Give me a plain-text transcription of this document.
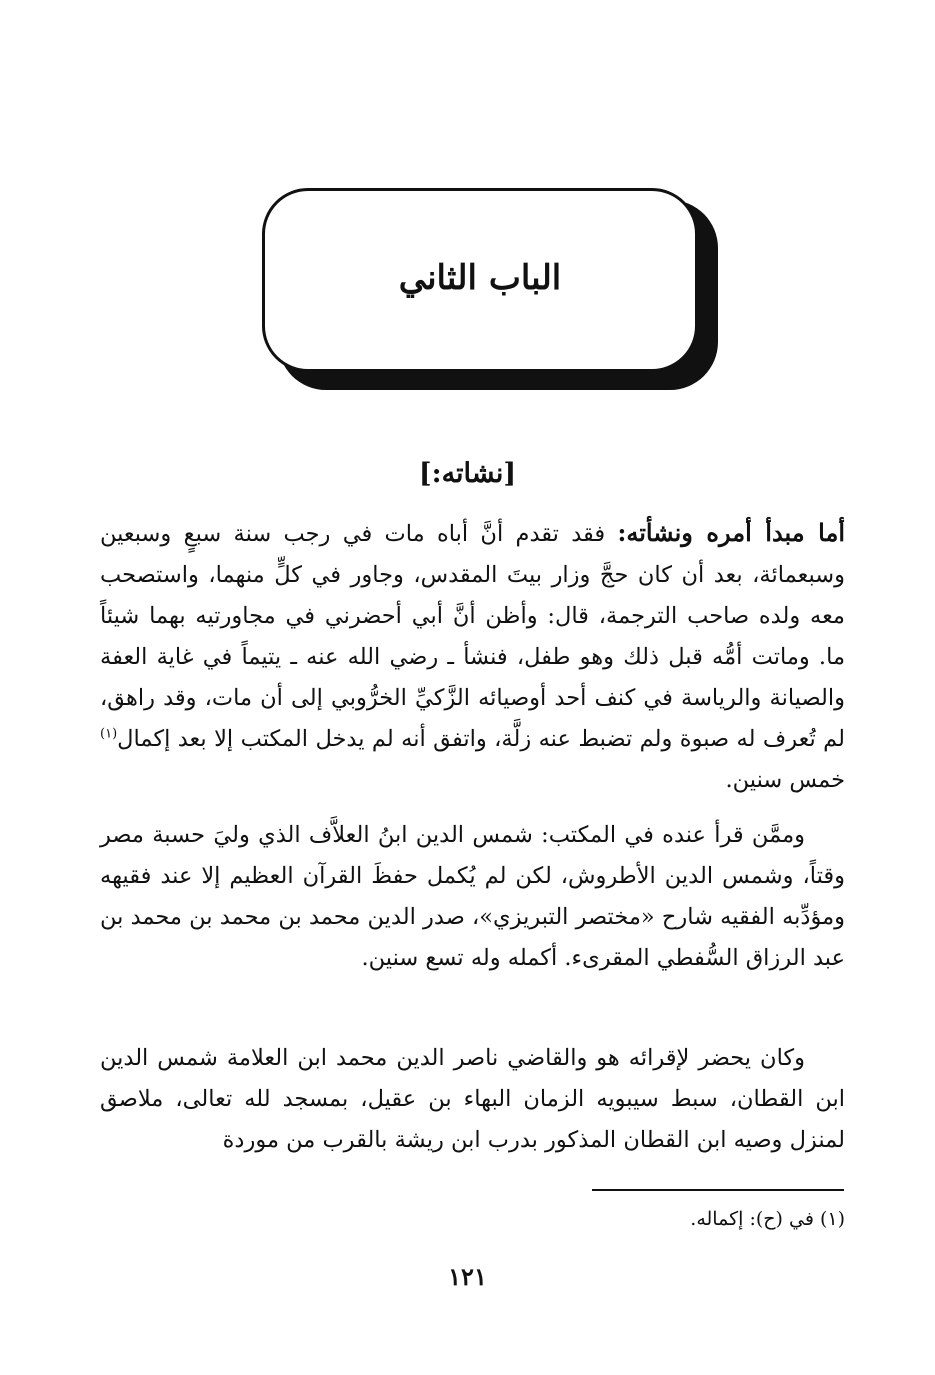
الباب الثاني
[نشاته:]
أما مبدأ أمره ونشأته: فقد تقدم أنَّ أباه مات في رجب سنة سبعٍ وسبعين وسبعمائة، بعد أن كان حجَّ وزار بيتَ المقدس، وجاور في كلٍّ منهما، واستصحب معه ولده صاحب الترجمة، قال: وأظن أنَّ أبي أحضرني في مجاورتيه بهما شيئاً ما. وماتت أمُّه قبل ذلك وهو طفل، فنشأ ـ رضي الله عنه ـ يتيماً في غاية العفة والصيانة والرياسة في كنف أحد أوصيائه الزَّكيِّ الخرُّوبي إلى أن مات، وقد راهق، لم تُعرف له صبوة ولم تضبط عنه زلَّة، واتفق أنه لم يدخل المكتب إلا بعد إكمال$^{(١)}$ خمس سنين.
وممَّن قرأ عنده في المكتب: شمس الدين ابنُ العلاَّف الذي وليَ حسبة مصر وقتاً، وشمس الدين الأطروش، لكن لم يُكمل حفظَ القرآن العظيم إلا عند فقيهه ومؤدِّبه الفقيه شارح «مختصر التبريزي»، صدر الدين محمد بن محمد بن محمد بن عبد الرزاق السُّفطي المقرىء. أكمله وله تسع سنين.
وكان يحضر لإقرائه هو والقاضي ناصر الدين محمد ابن العلامة شمس الدين ابن القطان، سبط سيبويه الزمان البهاء بن عقيل، بمسجد لله تعالى، ملاصق لمنزل وصيه ابن القطان المذكور بدرب ابن ريشة بالقرب من موردة
(١) في (ح): إكماله.
١٢١
